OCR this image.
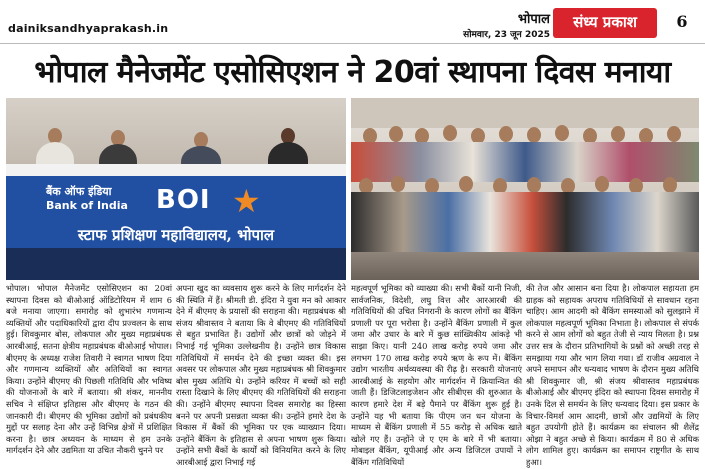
dainiksandhyaprakash.in
भोपाल
सोमवार, 23 जून 2025
संध्य प्रकाश	6
भोपाल मैनेजमेंट एसोसिएशन ने 20वां स्थापना दिवस मनाया
बैंक ऑफ इंडिया
Bank of India BOI ★
स्टाफ प्रशिक्षण महाविद्यालय, भोपाल
भोपाल। भोपाल मैनेजमेंट एसोसिएशन का 20वां स्थापना दिवस को बीओआई ऑडिटोरियम में शाम 6 बजे मनाया जाएगा। समारोह को शुभारंभ गणमान्य व्यक्तियों और पदाधिकारियों द्वारा दीप प्रज्वलन के साथ हुई। शिवकुमार बोस, लोकपाल और मुख्य महाप्रबंधक आरबीआई, सतना क्षेत्रीय महाप्रबंधक बीओआई भोपाल। बीएमए के अध्यक्ष राजेश तिवारी ने स्वागत भाषण दिया और गणमान्य व्यक्तियों और अतिथियों का स्वागत किया। उन्होंने बीएमए की पिछली गतिविधि और भविष्य की योजनाओं के बारे में बताया। श्री शंकर, माननीय सचिव ने संक्षिप्त इतिहास और बीएमए के गठन की जानकारी दी। बीएमए की भूमिका उद्योगों को प्रबंधकीय मुद्दों पर सलाह देना और उन्हें विभिन्न क्षेत्रों में प्रशिक्षित करना है। छात्र अध्ययन के माध्यम से हम उनके मार्गदर्शन देने और उद्यमिता या उचित नौकरी चुनने पर
अपना खुद का व्यवसाय शुरू करने के लिए मार्गदर्शन देने की स्थिति में हैं। श्रीमती डी. इंदिरा ने युवा मन को आकार देने में बीएमए के प्रयासों की सराहना की। महाप्रबंधक श्री संजय श्रीवास्तव ने बताया कि वे बीएमए की गतिविधियों से बहुत प्रभावित हैं। उद्योगों और छात्रों को जोड़ने में निभाई गई भूमिका उल्लेखनीय है। उन्होंने छात्र विकास गतिविधियों में समर्थन देने की इच्छा व्यक्त की। इस अवसर पर लोकपाल और मुख्य महाप्रबंधक श्री शिवकुमार बोस मुख्य अतिथि थे। उन्होंने करियर में बच्चों को सही रास्ता दिखाने के लिए बीएमए की गतिविधियों की सराहना की। उन्होंने बीएमए स्थापना दिवस समारोह का हिस्सा बनने पर अपनी प्रसन्नता व्यक्त की। उन्होंने हमारे देश के विकास में बैंकों की भूमिका पर एक व्याख्यान दिया। उन्होंने बैंकिंग के इतिहास से अपना भाषण शुरू किया। उन्होंने सभी बैंकों के कार्यों को विनियमित करने के लिए आरबीआई द्वारा निभाई गई
महत्वपूर्ण भूमिका को व्याख्या की। सभी बैंकों यानी निजी, सार्वजनिक, विदेशी, लघु वित्त और आरआरबी की गतिविधियों की उचित निगरानी के कारण लोगों का बैंकिंग प्रणाली पर पूरा भरोसा है। उन्होंने बैंकिंग प्रणाली में कुल जमा और उधार के बारे में कुछ सांख्यिकीय आंकड़े भी साझा किए। यानी 240 लाख करोड़ रुपये जमा और लगभग 170 लाख करोड़ रुपये ऋण के रूप में। बैंकिंग उद्योग भारतीय अर्थव्यवस्था की रीढ़ है। सरकारी योजनाएं आरबीआई के सहयोग और मार्गदर्शन में क्रियान्वित की जाती हैं। डिजिटलाइजेशन और सीबीएस की शुरुआत के कारण हमारे देश में बड़े पैमाने पर बैंकिंग शुरू हुई है। उन्होंने यह भी बताया कि पीएम जन धन योजना के माध्यम से बैंकिंग प्रणाली में 55 करोड़ से अधिक खाते खोले गए हैं। उन्होंने जे ए एम के बारे में भी बताया। मोबाइल बैंकिंग, यूपीआई और अन्य डिजिटल उपायों ने बैंकिंग गतिविधियों
की तेज और आसान बना दिया है। लोकपाल सहायता हम ग्राहक को सहायक अपराध गतिविधियों से सावधान रहना चाहिए। आम आदमी को बैंकिंग समस्याओं को सुलझाने में लोकपाल महत्वपूर्ण भूमिका निभाता है। लोकपाल से संपर्क करने से आम लोगों को बहुत तेजी से न्याय मिलता है। प्रश्न उत्तर सत्र के दौरान प्रतिभागियों के प्रश्नों को अच्छी तरह से समझाया गया और भाग लिया गया। डॉ राजीव अग्रवाल ने अपने समापन और धन्यवाद भाषण के दौरान मुख्य अतिथि श्री शिवकुमार जी, श्री संजय श्रीवास्तव महाप्रबंधक बीओआई और बीएमए इंदिरा को स्थापना दिवस समारोह में उनके दिल से समर्थन के लिए धन्यवाद दिया। इस प्रकार के विचार-विमर्श आम आदमी, छात्रों और उद्यमियों के लिए बहुत उपयोगी होते हैं। कार्यक्रम का संचालन श्री शैलेंद्र ओझा ने बहुत अच्छे से किया। कार्यक्रम में 80 से अधिक लोग शामिल हुए। कार्यक्रम का समापन राष्ट्रगीत के साथ हुआ।
